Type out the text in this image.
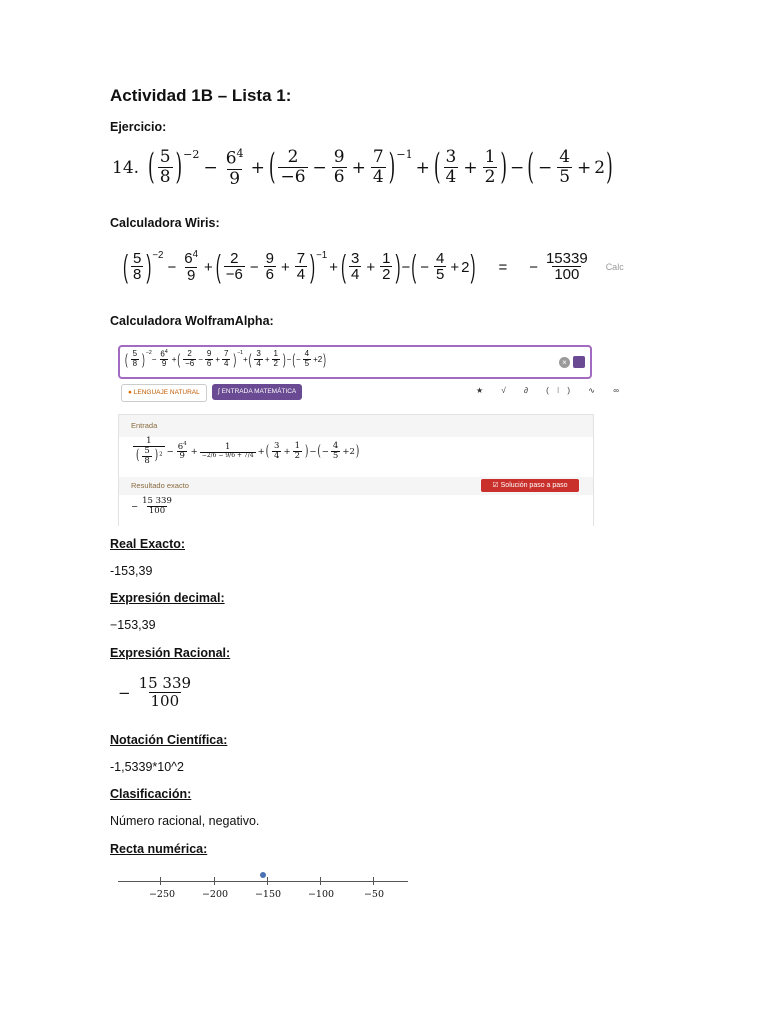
Actividad 1B – Lista 1:
Ejercicio:
14. ( $\frac{5}{8}$ ) −2
− $\frac{6^4}{9}$ + ( $\frac{2}{-6} - \frac{9}{6} + \frac{7}{4}$ ) −1
+ ( $\frac{3}{4} + \frac{1}{2}$ ) − ( − $\frac{4}{5} + 2$ )
Calculadora Wiris:
( $\frac{5}{8}$ ) −2
− $\frac{6^4}{9}$ + ( $\frac{2}{-6} - \frac{9}{6} + \frac{7}{4}$ ) −1
+ ( $\frac{3}{4} + \frac{1}{2}$ ) − ( − $\frac{4}{5} + 2$ ) = − $\frac{15339}{100}$ Calc
Calculadora WolframAlpha:
( $\frac{5}{8}$ ) −2
− $\frac{6^4}{9}$ + ( $\frac{2}{-6} - \frac{9}{6} + \frac{7}{4}$ ) −1
+ ( $\frac{3}{4} + \frac{1}{2}$ ) − ( − $\frac{4}{5} + 2$ )	×
● LENGUAJE NATURAL	∫ ENTRADA MATEMÁTICA	★ √ ∂ (⁝) ∿ ∞
Entrada
$\frac{1}{( \frac{5}{8} )^2} - \frac{6^4}{9} + \frac{1}{-2/6 - 9/6 + 7/4}$ + ( $\frac{3}{4} + \frac{1}{2}$ ) − ( − $\frac{4}{5} + 2$ )
Resultado exacto
− $\frac{15 339}{100}$
☑ Solución paso a paso
Real Exacto:
-153,39
Expresión decimal:
−153,39
Expresión Racional:
− $\frac{15 339}{100}$
Notación Científica:
-1,5339*10^2
Clasificación:
Número racional, negativo.
Recta numérica:
−250	−200	−150	−100	−50
